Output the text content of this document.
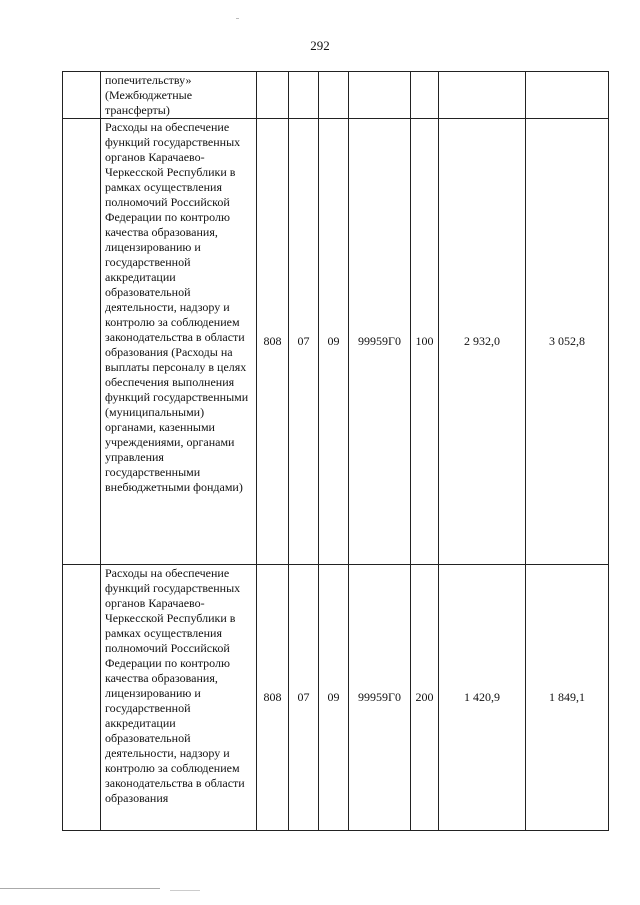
292
	попечительству» (Межбюджетные трансферты)							
	Расходы на обеспечение функций государственных органов Карачаево-Черкесской Республики в рамках осуществления полномочий Российской Федерации по контролю качества образования, лицензированию и государственной аккредитации образовательной деятельности, надзору и контролю за соблюдением законодательства в области образования (Расходы на выплаты персоналу в целях обеспечения выполнения функций государственными (муниципальными) органами, казенными учреждениями, органами управления государственными внебюджетными фондами)	808	07	09	99959Г0	100	2 932,0	3 052,8
	Расходы на обеспечение функций государственных органов Карачаево-Черкесской Республики в рамках осуществления полномочий Российской Федерации по контролю качества образования, лицензированию и государственной аккредитации образовательной деятельности, надзору и контролю за соблюдением законодательства в области образования	808	07	09	99959Г0	200	1 420,9	1 849,1
